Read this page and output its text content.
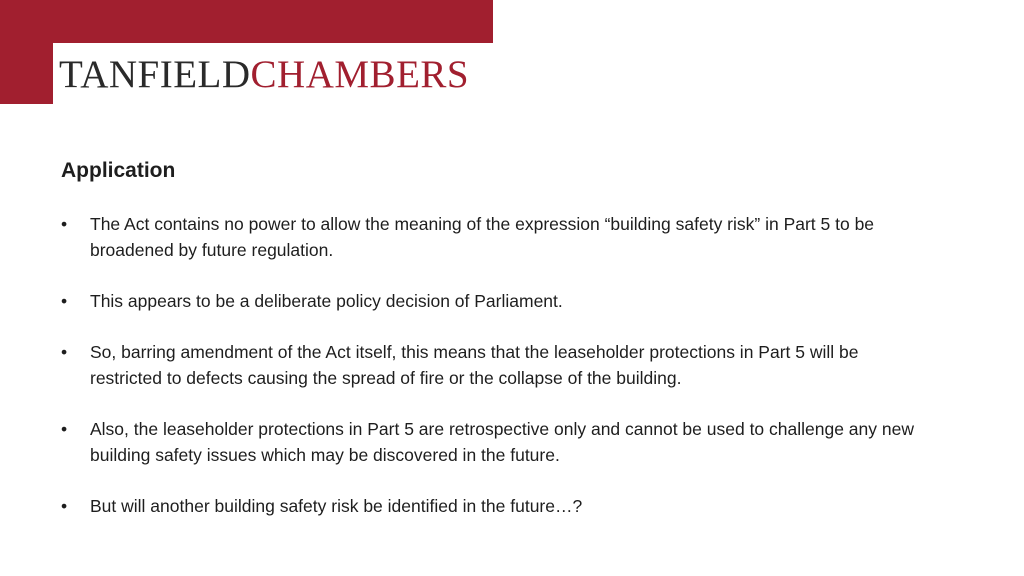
TANFIELDCHAMBERS
Application
• The Act contains no power to allow the meaning of the expression “building safety risk” in Part 5 to be broadened by future regulation.
• This appears to be a deliberate policy decision of Parliament.
• So, barring amendment of the Act itself, this means that the leaseholder protections in Part 5 will be restricted to defects causing the spread of fire or the collapse of the building.
• Also, the leaseholder protections in Part 5 are retrospective only and cannot be used to challenge any new building safety issues which may be discovered in the future.
• But will another building safety risk be identified in the future…?
